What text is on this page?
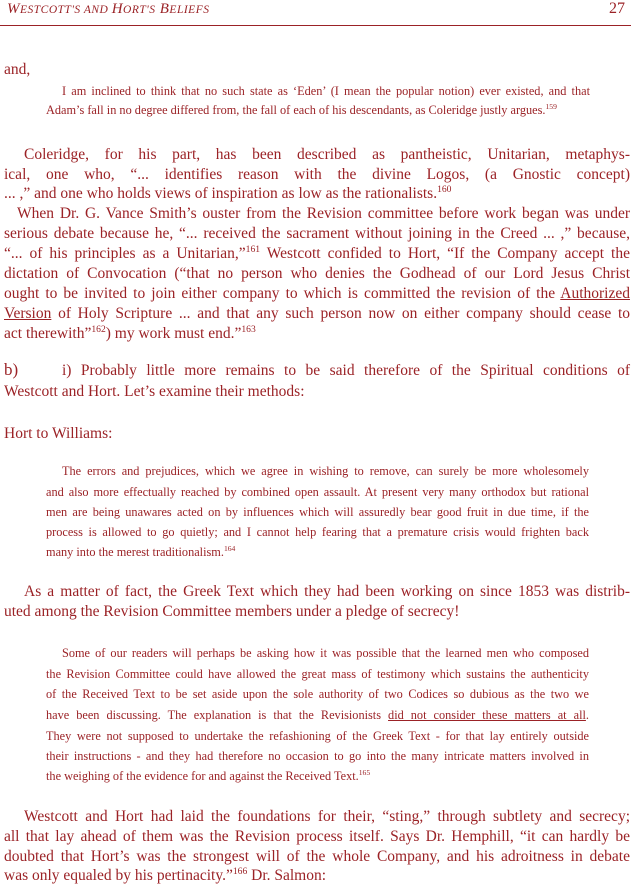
WESTCOTT'S AND HORT'S BELIEFS	27
and,
I am inclined to think that no such state as ‘Eden’ (I mean the popular notion) ever existed, and that
Adam’s fall in no degree differed from, the fall of each of his descendants, as Coleridge justly argues.$^{159}$
Coleridge, for his part, has been described as pantheistic, Unitarian, metaphys-
ical, one who, “... identifies reason with the divine Logos, (a Gnostic concept)
... ,” and one who holds views of inspiration as low as the rationalists.$^{160}$
When Dr. G. Vance Smith’s ouster from the Revision committee before work began was under
serious debate because he, “... received the sacrament without joining in the Creed ... ,” because,
“... of his principles as a Unitarian,”$^{161}$ Westcott confided to Hort, “If the Company accept the
dictation of Convocation (“that no person who denies the Godhead of our Lord Jesus Christ
ought to be invited to join either company to which is committed the revision of the Authorized
Version of Holy Scripture ... and that any such person now on either company should cease to
act therewith”$^{162}$) my work must end.”$^{163}$
b)	i) Probably little more remains to be said therefore of the Spiritual conditions of
Westcott and Hort. Let’s examine their methods:
Hort to Williams:
The errors and prejudices, which we agree in wishing to remove, can surely be more wholesomely
and also more effectually reached by combined open assault. At present very many orthodox but rational
men are being unawares acted on by influences which will assuredly bear good fruit in due time, if the
process is allowed to go quietly; and I cannot help fearing that a premature crisis would frighten back
many into the merest traditionalism.$^{164}$
As a matter of fact, the Greek Text which they had been working on since 1853 was distrib-
uted among the Revision Committee members under a pledge of secrecy!
Some of our readers will perhaps be asking how it was possible that the learned men who composed
the Revision Committee could have allowed the great mass of testimony which sustains the authenticity
of the Received Text to be set aside upon the sole authority of two Codices so dubious as the two we
have been discussing. The explanation is that the Revisionists did not consider these matters at all.
They were not supposed to undertake the refashioning of the Greek Text - for that lay entirely outside
their instructions - and they had therefore no occasion to go into the many intricate matters involved in
the weighing of the evidence for and against the Received Text.$^{165}$
Westcott and Hort had laid the foundations for their, “sting,” through subtlety and secrecy;
all that lay ahead of them was the Revision process itself. Says Dr. Hemphill, “it can hardly be
doubted that Hort’s was the strongest will of the whole Company, and his adroitness in debate
was only equaled by his pertinacity.”$^{166}$ Dr. Salmon:
